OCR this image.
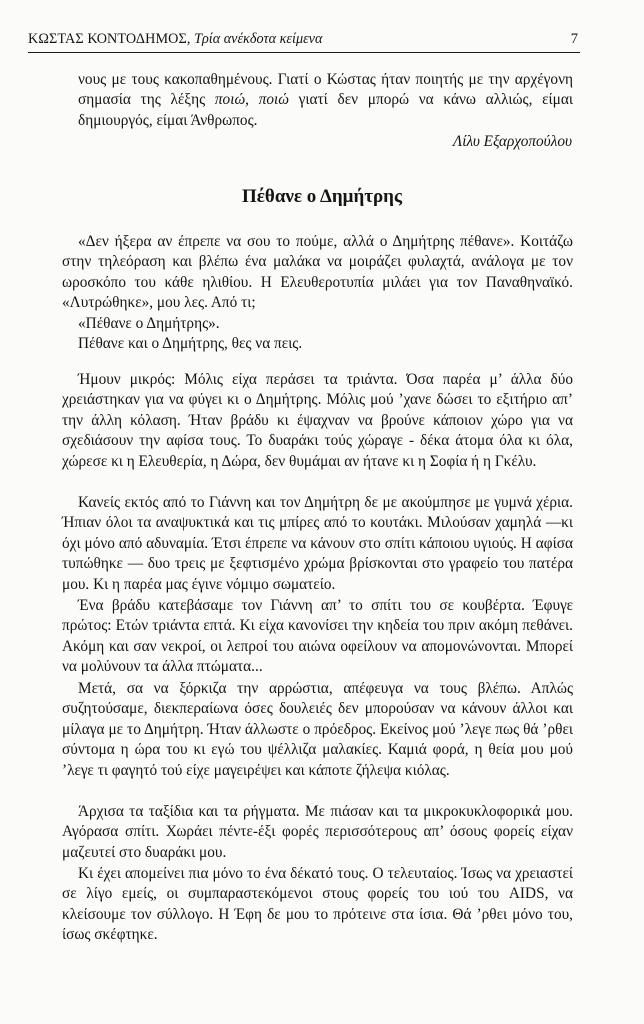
ΚΩΣΤΑΣ ΚΟΝΤΟΔΗΜΟΣ, Τρία ανέκδοτα κείμενα	7
νους με τους κακοπαθημένους. Γιατί ο Κώστας ήταν ποιητής με την αρχέγονη σημασία της λέξης ποιώ, ποιώ γιατί δεν μπορώ να κάνω αλλιώς, είμαι δημιουργός, είμαι Άνθρωπος.
Λίλυ Εξαρχοπούλου
Πέθανε ο Δημήτρης
«Δεν ήξερα αν έπρεπε να σου το πούμε, αλλά ο Δημήτρης πέθανε». Κοιτάζω στην τηλεόραση και βλέπω ένα μαλάκα να μοιράζει φυλαχτά, ανάλογα με τον ωροσκόπο του κάθε ηλιθίου. Η Ελευθεροτυπία μιλάει για τον Παναθηναϊκό. «Λυτρώθηκε», μου λες. Από τι;
«Πέθανε ο Δημήτρης».
Πέθανε και ο Δημήτρης, θες να πεις.
Ήμουν μικρός: Μόλις είχα περάσει τα τριάντα. Όσα παρέα μ’ άλλα δύο χρειάστηκαν για να φύγει κι ο Δημήτρης. Μόλις μού ’χανε δώσει το εξιτήριο απ’ την άλλη κόλαση. Ήταν βράδυ κι έψαχναν να βρούνε κάποιον χώρο για να σχεδιάσουν την αφίσα τους. Το δυαράκι τούς χώραγε - δέκα άτομα όλα κι όλα, χώρεσε κι η Ελευθερία, η Δώρα, δεν θυμάμαι αν ήτανε κι η Σοφία ή η Γκέλυ.
Κανείς εκτός από το Γιάννη και τον Δημήτρη δε με ακούμπησε με γυμνά χέρια. Ήπιαν όλοι τα αναψυκτικά και τις μπίρες από το κουτάκι. Μιλούσαν χαμηλά —κι όχι μόνο από αδυναμία. Έτσι έπρεπε να κάνουν στο σπίτι κάποιου υγιούς. Η αφίσα τυπώθηκε — δυο τρεις με ξεφτισμένο χρώμα βρίσκονται στο γραφείο του πατέρα μου. Κι η παρέα μας έγινε νόμιμο σωματείο.
Ένα βράδυ κατεβάσαμε τον Γιάννη απ’ το σπίτι του σε κουβέρτα. Έφυγε πρώτος: Ετών τριάντα επτά. Κι είχα κανονίσει την κηδεία του πριν ακόμη πεθάνει. Ακόμη και σαν νεκροί, οι λεπροί του αιώνα οφείλουν να απομονώνονται. Μπορεί να μολύνουν τα άλλα πτώματα...
Μετά, σα να ξόρκιζα την αρρώστια, απέφευγα να τους βλέπω. Απλώς συζητούσαμε, διεκπεραίωνα όσες δουλειές δεν μπορούσαν να κάνουν άλλοι και μίλαγα με το Δημήτρη. Ήταν άλλωστε ο πρόεδρος. Εκείνος μού ’λεγε πως θά ’ρθει σύντομα η ώρα του κι εγώ του ψέλλιζα μαλακίες. Καμιά φορά, η θεία μου μού ’λεγε τι φαγητό τού είχε μαγειρέψει και κάποτε ζήλεψα κιόλας.
Άρχισα τα ταξίδια και τα ρήγματα. Με πιάσαν και τα μικροκυκλοφορικά μου. Αγόρασα σπίτι. Χωράει πέντε-έξι φορές περισσότερους απ’ όσους φορείς είχαν μαζευτεί στο δυαράκι μου.
Κι έχει απομείνει πια μόνο το ένα δέκατό τους. Ο τελευταίος. Ίσως να χρειαστεί σε λίγο εμείς, οι συμπαραστεκόμενοι στους φορείς του ιού του AIDS, να κλείσουμε τον σύλλογο. Η Έφη δε μου το πρότεινε στα ίσια. Θά ’ρθει μόνο του, ίσως σκέφτηκε.
